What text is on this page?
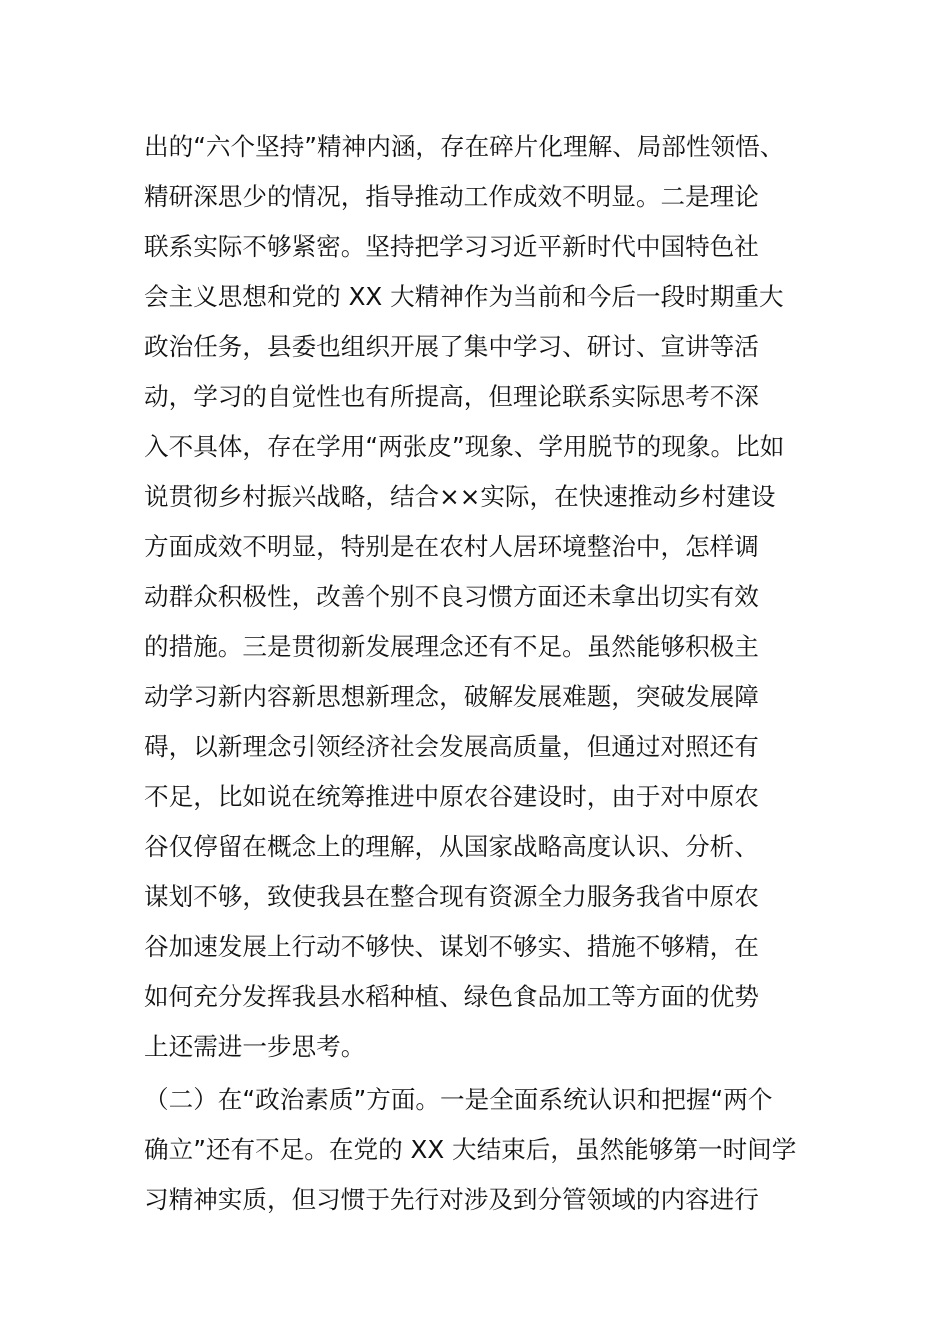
出的“六个坚持”精神内涵，存在碎片化理解、局部性领悟、
精研深思少的情况，指导推动工作成效不明显。二是理论
联系实际不够紧密。坚持把学习习近平新时代中国特色社
会主义思想和党的 XX 大精神作为当前和今后一段时期重大
政治任务，县委也组织开展了集中学习、研讨、宣讲等活
动，学习的自觉性也有所提高，但理论联系实际思考不深
入不具体，存在学用“两张皮”现象、学用脱节的现象。比如
说贯彻乡村振兴战略，结合××实际，在快速推动乡村建设
方面成效不明显，特别是在农村人居环境整治中，怎样调
动群众积极性，改善个别不良习惯方面还未拿出切实有效
的措施。三是贯彻新发展理念还有不足。虽然能够积极主
动学习新内容新思想新理念，破解发展难题，突破发展障
碍，以新理念引领经济社会发展高质量，但通过对照还有
不足，比如说在统筹推进中原农谷建设时，由于对中原农
谷仅停留在概念上的理解，从国家战略高度认识、分析、
谋划不够，致使我县在整合现有资源全力服务我省中原农
谷加速发展上行动不够快、谋划不够实、措施不够精，在
如何充分发挥我县水稻种植、绿色食品加工等方面的优势
上还需进一步思考。
（二）在“政治素质”方面。一是全面系统认识和把握“两个
确立”还有不足。在党的 XX 大结束后，虽然能够第一时间学
习精神实质，但习惯于先行对涉及到分管领域的内容进行
